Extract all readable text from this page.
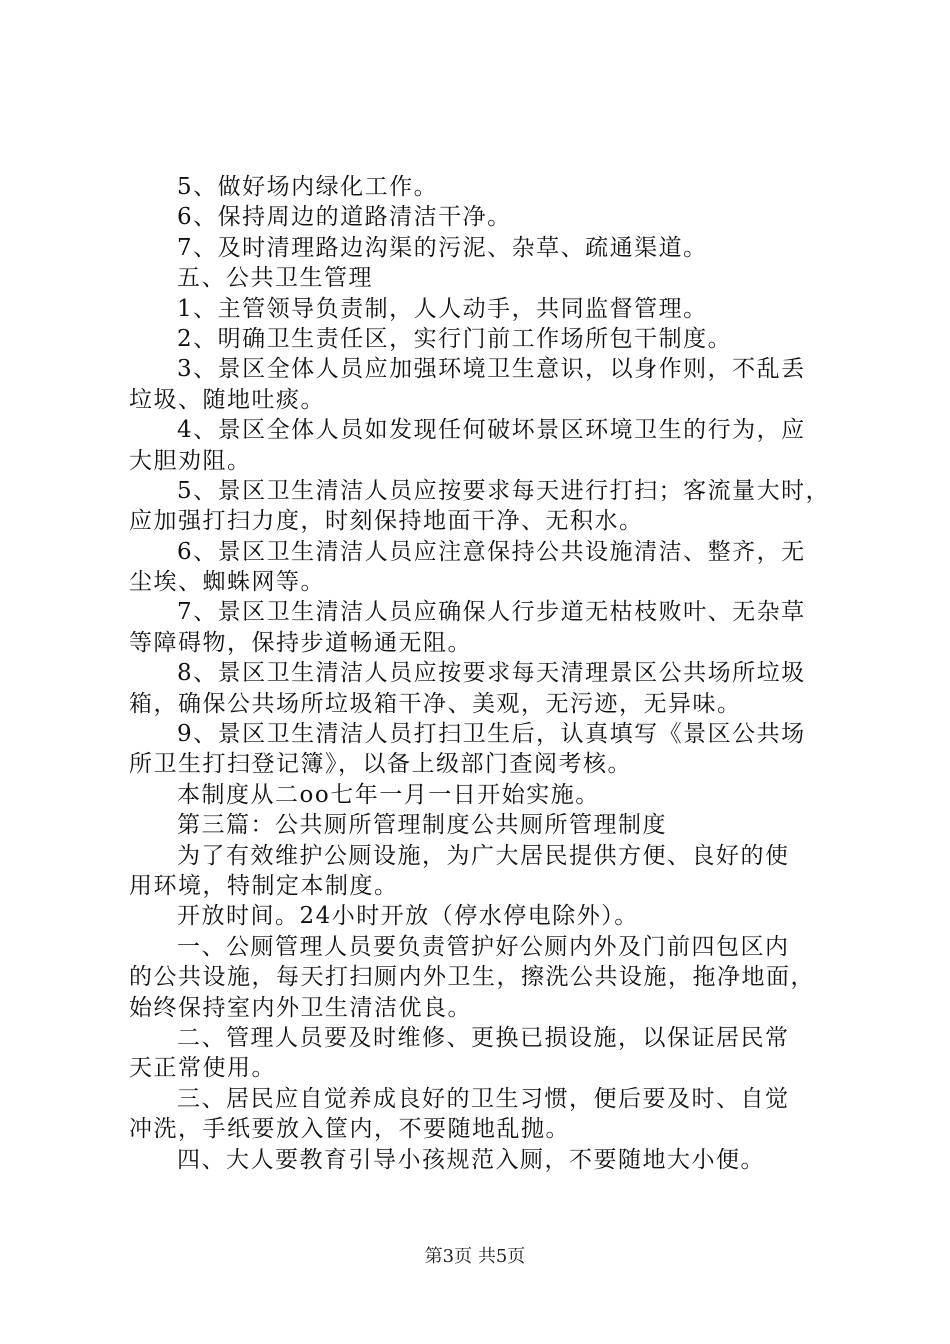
5、做好场内绿化工作。
6、保持周边的道路清洁干净。
7、及时清理路边沟渠的污泥、杂草、疏通渠道。
五、公共卫生管理
1、主管领导负责制，人人动手，共同监督管理。
2、明确卫生责任区，实行门前工作场所包干制度。
3、景区全体人员应加强环境卫生意识，以身作则，不乱丢
垃圾、随地吐痰。
4、景区全体人员如发现任何破坏景区环境卫生的行为，应
大胆劝阻。
5、景区卫生清洁人员应按要求每天进行打扫；客流量大时，
应加强打扫力度，时刻保持地面干净、无积水。
6、景区卫生清洁人员应注意保持公共设施清洁、整齐，无
尘埃、蜘蛛网等。
7、景区卫生清洁人员应确保人行步道无枯枝败叶、无杂草
等障碍物，保持步道畅通无阻。
8、景区卫生清洁人员应按要求每天清理景区公共场所垃圾
箱，确保公共场所垃圾箱干净、美观，无污迹，无异味。
9、景区卫生清洁人员打扫卫生后，认真填写《景区公共场
所卫生打扫登记簿》，以备上级部门查阅考核。
本制度从二oo七年一月一日开始实施。
第三篇：公共厕所管理制度公共厕所管理制度
为了有效维护公厕设施，为广大居民提供方便、良好的使
用环境，特制定本制度。
开放时间。24小时开放（停水停电除外）。
一、公厕管理人员要负责管护好公厕内外及门前四包区内
的公共设施，每天打扫厕内外卫生，擦洗公共设施，拖净地面，
始终保持室内外卫生清洁优良。
二、管理人员要及时维修、更换已损设施，以保证居民常
天正常使用。
三、居民应自觉养成良好的卫生习惯，便后要及时、自觉
冲洗，手纸要放入筐内，不要随地乱抛。
四、大人要教育引导小孩规范入厕，不要随地大小便。
第3页 共5页
